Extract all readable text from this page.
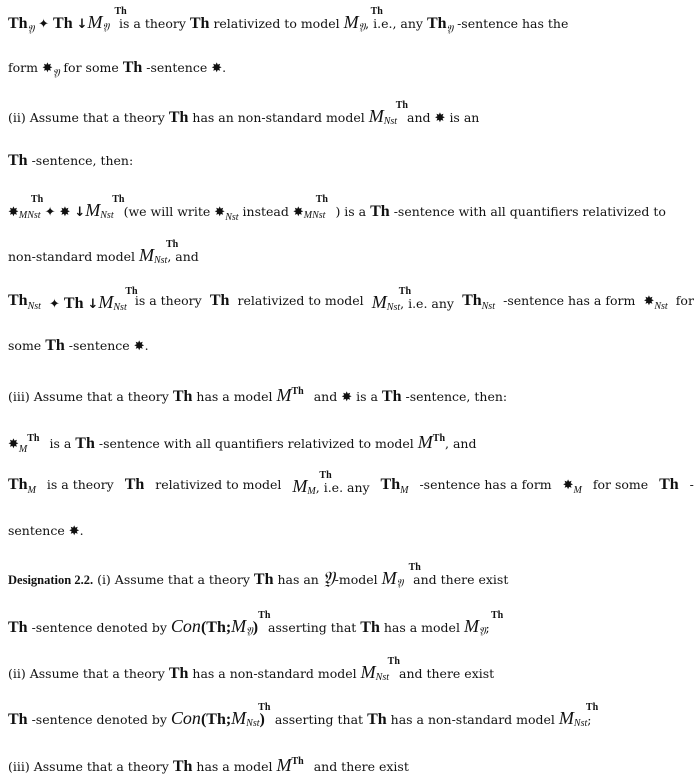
$Th_𝔜$ ✦ Th ↓M
Th
$_𝔜$ is a theory Th relativized to model M
Th
$_𝔜$, i.e., any $Th_𝔜$ -sentence has the
form $✸_𝔜$ for some Th -sentence ✸.
(ii) Assume that a theory Th has an non-standard model M
Th
$_{Nst}$ and ✸ is an
Th -sentence, then:
✸
Th
$_{MNst}$ ✦ ✸ ↓M
Th
$_{Nst}$ (we will write $✸_{Nst}$ instead ✸
Th
$_{MNst}$ ) is a Th -sentence with all quantifiers relativized to
non-standard model M
Th
$_{Nst}$, and
$Th_{Nst}$ ✦ Th ↓M
Th
$_{Nst}$ is a theory Th relativized to model M
Th
$_{Nst}$, i.e. any $Th_{Nst}$ -sentence has a form $✸_{Nst}$ for
some Th -sentence ✸.
(iii) Assume that a theory Th has a model MTh and ✸ is a Th -sentence, then:
$✸_M^{Th}$ is a Th -sentence with all quantifiers relativized to model MTh, and
$Th_M$ is a theory Th relativized to model M
Th
$_M$, i.e. any $Th_M$ -sentence has a form $✸_M$ for some Th -
sentence ✸.
Designation 2.2. (i) Assume that a theory Th has an 𝔜-model M
Th
$_𝔜$ and there exist
Th -sentence denoted by Con(Th;M
Th
$_𝔜$) asserting that Th has a model M
Th
$_𝔜$;
(ii) Assume that a theory Th has a non-standard model M
Th
$_{Nst}$ and there exist
Th -sentence denoted by Con(Th;M
Th
$_{Nst}$) asserting that Th has a non-standard model M
Th
$_{Nst}$;
(iii) Assume that a theory Th has a model MTh and there exist
